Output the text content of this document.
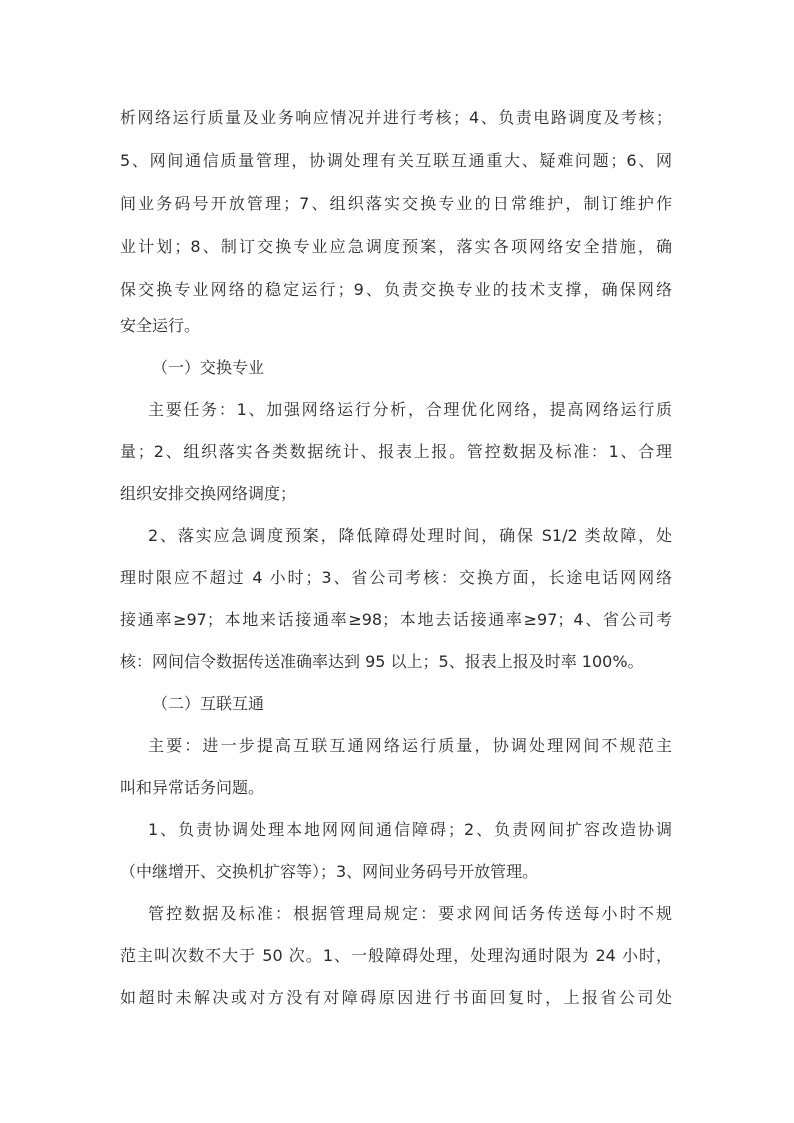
析网络运行质量及业务响应情况并进行考核；4、负责电路调度及考核；
5、网间通信质量管理，协调处理有关互联互通重大、疑难问题；6、网
间业务码号开放管理；7、组织落实交换专业的日常维护，制订维护作
业计划；8、制订交换专业应急调度预案，落实各项网络安全措施，确
保交换专业网络的稳定运行；9、负责交换专业的技术支撑，确保网络
安全运行。
（一）交换专业
主要任务：1、加强网络运行分析，合理优化网络，提高网络运行质
量；2、组织落实各类数据统计、报表上报。管控数据及标准：1、合理
组织安排交换网络调度；
2、落实应急调度预案，降低障碍处理时间，确保 S1/2 类故障，处
理时限应不超过 4 小时；3、省公司考核：交换方面，长途电话网网络
接通率≥97；本地来话接通率≥98；本地去话接通率≥97；4、省公司考
核：网间信令数据传送准确率达到 95 以上；5、报表上报及时率 100%。
（二）互联互通
主要：进一步提高互联互通网络运行质量，协调处理网间不规范主
叫和异常话务问题。
1、负责协调处理本地网网间通信障碍；2、负责网间扩容改造协调
（中继增开、交换机扩容等）；3、网间业务码号开放管理。
管控数据及标准：根据管理局规定：要求网间话务传送每小时不规
范主叫次数不大于 50 次。1、一般障碍处理，处理沟通时限为 24 小时，
如超时未解决或对方没有对障碍原因进行书面回复时，上报省公司处
